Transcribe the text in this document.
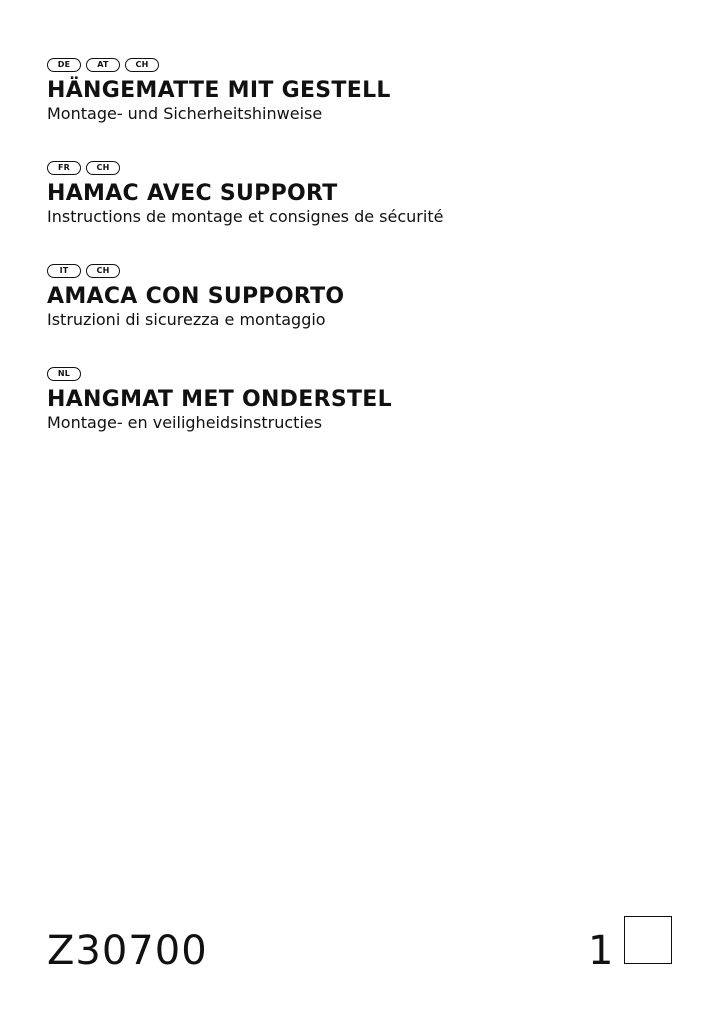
DE	AT	CH
HÄNGEMATTE MIT GESTELL

Montage- und Sicherheitshinweise

FR	CH
HAMAC AVEC SUPPORT

Instructions de montage et consignes de sécurité

IT	CH
AMACA CON SUPPORTO

Istruzioni di sicurezza e montaggio

NL
HANGMAT MET ONDERSTEL

Montage- en veiligheidsinstructies

Z30700	1
